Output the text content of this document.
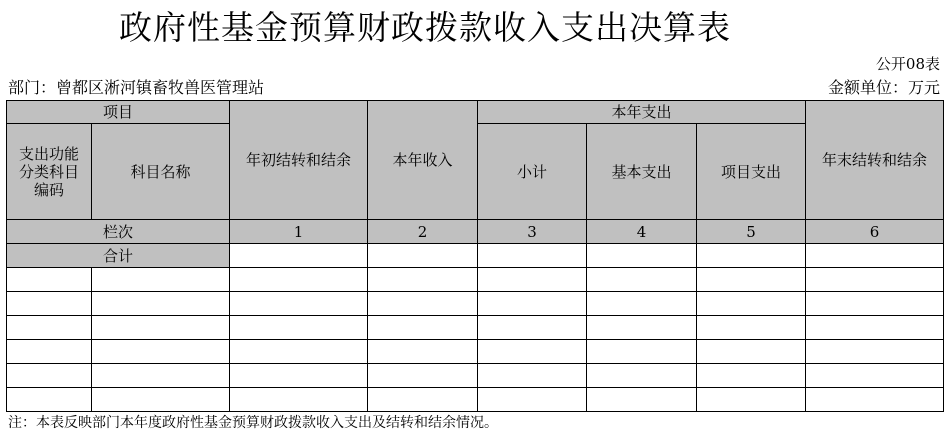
政府性基金预算财政拨款收入支出决算表
公开08表
部门：曾都区淅河镇畜牧兽医管理站	金额单位：万元
项目		年初结转和结余	本年收入	本年支出			年末结转和结余
支出功能分类科目编码	科目名称			小计	基本支出	项目支出	
栏次		1	2	3	4	5	6
合计							

注：本表反映部门本年度政府性基金预算财政拨款收入支出及结转和结余情况。
